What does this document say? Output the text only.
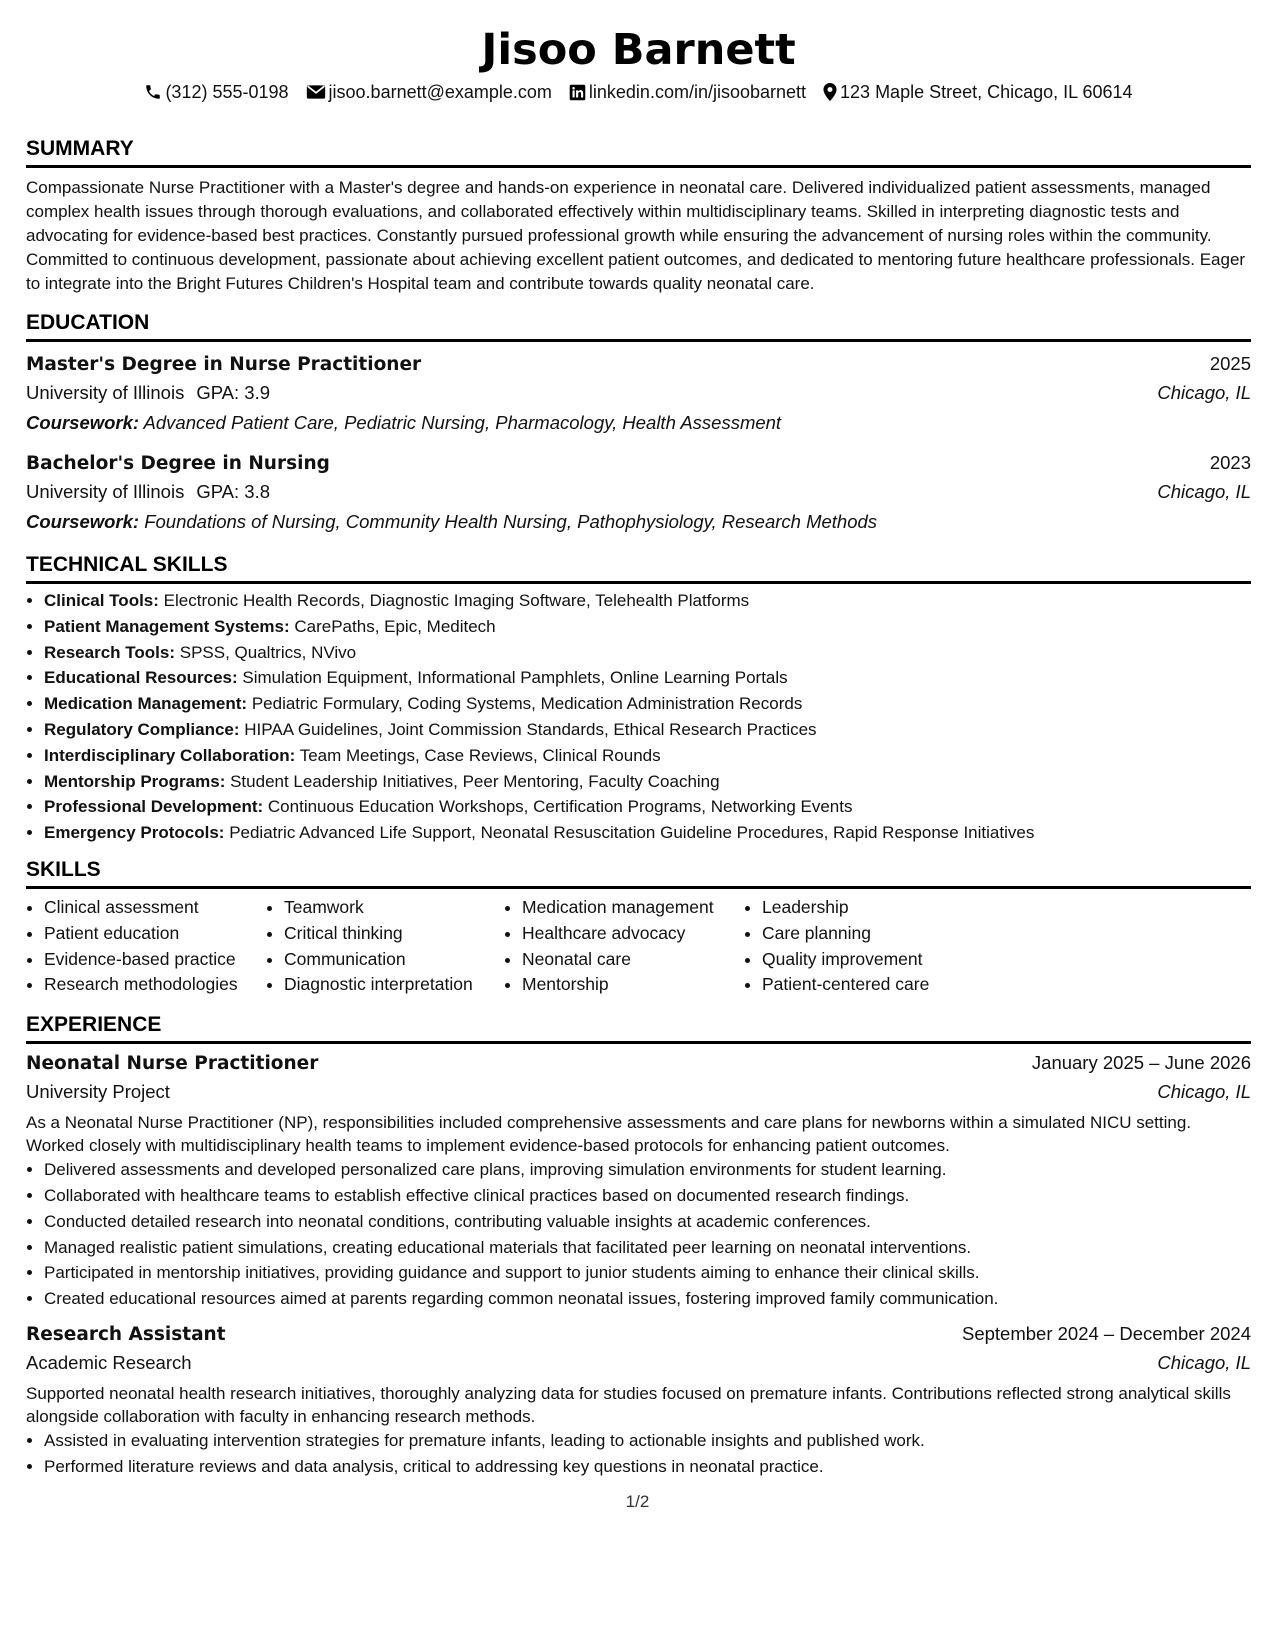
Jisoo Barnett
(312) 555-0198 jisoo.barnett@example.com linkedin.com/in/jisoobarnett 123 Maple Street, Chicago, IL 60614
SUMMARY

Compassionate Nurse Practitioner with a Master's degree and hands-on experience in neonatal care. Delivered individualized patient assessments, managed complex health issues through thorough evaluations, and collaborated effectively within multidisciplinary teams. Skilled in interpreting diagnostic tests and advocating for evidence-based best practices. Constantly pursued professional growth while ensuring the advancement of nursing roles within the community. Committed to continuous development, passionate about achieving excellent patient outcomes, and dedicated to mentoring future healthcare professionals. Eager to integrate into the Bright Futures Children's Hospital team and contribute towards quality neonatal care.

EDUCATION
Master's Degree in Nurse Practitioner	2025
University of Illinois GPA: 3.9	Chicago, IL
Coursework: Advanced Patient Care, Pediatric Nursing, Pharmacology, Health Assessment
Bachelor's Degree in Nursing	2023
University of Illinois GPA: 3.8	Chicago, IL
Coursework: Foundations of Nursing, Community Health Nursing, Pathophysiology, Research Methods
TECHNICAL SKILLS
• Clinical Tools: Electronic Health Records, Diagnostic Imaging Software, Telehealth Platforms
• Patient Management Systems: CarePaths, Epic, Meditech
• Research Tools: SPSS, Qualtrics, NVivo
• Educational Resources: Simulation Equipment, Informational Pamphlets, Online Learning Portals
• Medication Management: Pediatric Formulary, Coding Systems, Medication Administration Records
• Regulatory Compliance: HIPAA Guidelines, Joint Commission Standards, Ethical Research Practices
• Interdisciplinary Collaboration: Team Meetings, Case Reviews, Clinical Rounds
• Mentorship Programs: Student Leadership Initiatives, Peer Mentoring, Faculty Coaching
• Professional Development: Continuous Education Workshops, Certification Programs, Networking Events
• Emergency Protocols: Pediatric Advanced Life Support, Neonatal Resuscitation Guideline Procedures, Rapid Response Initiatives
SKILLS
• Clinical assessment
• Patient education
• Evidence-based practice
• Research methodologies
• Teamwork
• Critical thinking
• Communication
• Diagnostic interpretation
• Medication management
• Healthcare advocacy
• Neonatal care
• Mentorship
• Leadership
• Care planning
• Quality improvement
• Patient-centered care
EXPERIENCE
Neonatal Nurse Practitioner	January 2025 – June 2026
University Project	Chicago, IL

As a Neonatal Nurse Practitioner (NP), responsibilities included comprehensive assessments and care plans for newborns within a simulated NICU setting. Worked closely with multidisciplinary health teams to implement evidence-based protocols for enhancing patient outcomes.

• Delivered assessments and developed personalized care plans, improving simulation environments for student learning.
• Collaborated with healthcare teams to establish effective clinical practices based on documented research findings.
• Conducted detailed research into neonatal conditions, contributing valuable insights at academic conferences.
• Managed realistic patient simulations, creating educational materials that facilitated peer learning on neonatal interventions.
• Participated in mentorship initiatives, providing guidance and support to junior students aiming to enhance their clinical skills.
• Created educational resources aimed at parents regarding common neonatal issues, fostering improved family communication.
Research Assistant	September 2024 – December 2024
Academic Research	Chicago, IL

Supported neonatal health research initiatives, thoroughly analyzing data for studies focused on premature infants. Contributions reflected strong analytical skills alongside collaboration with faculty in enhancing research methods.

• Assisted in evaluating intervention strategies for premature infants, leading to actionable insights and published work.
• Performed literature reviews and data analysis, critical to addressing key questions in neonatal practice.
1/2
